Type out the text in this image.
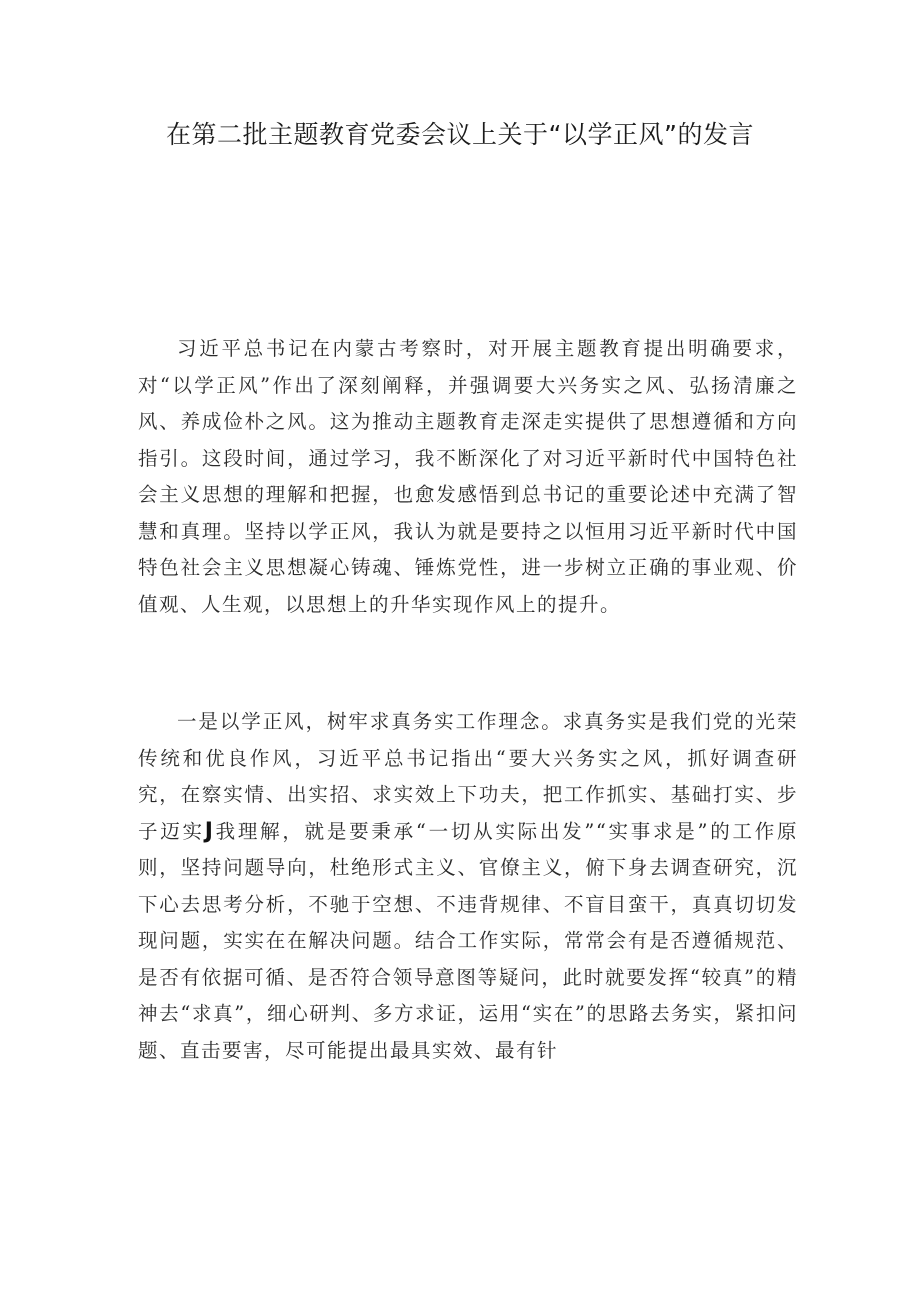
在第二批主题教育党委会议上关于“以学正风”的发言
习近平总书记在内蒙古考察时，对开展主题教育提出明确要求，对“以学正风”作出了深刻阐释，并强调要大兴务实之风、弘扬清廉之风、养成俭朴之风。这为推动主题教育走深走实提供了思想遵循和方向指引。这段时间，通过学习，我不断深化了对习近平新时代中国特色社会主义思想的理解和把握，也愈发感悟到总书记的重要论述中充满了智慧和真理。坚持以学正风，我认为就是要持之以恒用习近平新时代中国特色社会主义思想凝心铸魂、锤炼党性，进一步树立正确的事业观、价值观、人生观，以思想上的升华实现作风上的提升。
一是以学正风，树牢求真务实工作理念。求真务实是我们党的光荣传统和优良作风，习近平总书记指出“要大兴务实之风，抓好调查研究，在察实情、出实招、求实效上下功夫，把工作抓实、基础打实、步子迈实J我理解，就是要秉承“一切从实际出发”“实事求是”的工作原则，坚持问题导向，杜绝形式主义、官僚主义，俯下身去调查研究，沉下心去思考分析，不驰于空想、不违背规律、不盲目蛮干，真真切切发现问题，实实在在解决问题。结合工作实际，常常会有是否遵循规范、是否有依据可循、是否符合领导意图等疑问，此时就要发挥“较真”的精神去“求真”，细心研判、多方求证，运用“实在”的思路去务实，紧扣问题、直击要害，尽可能提出最具实效、最有针
